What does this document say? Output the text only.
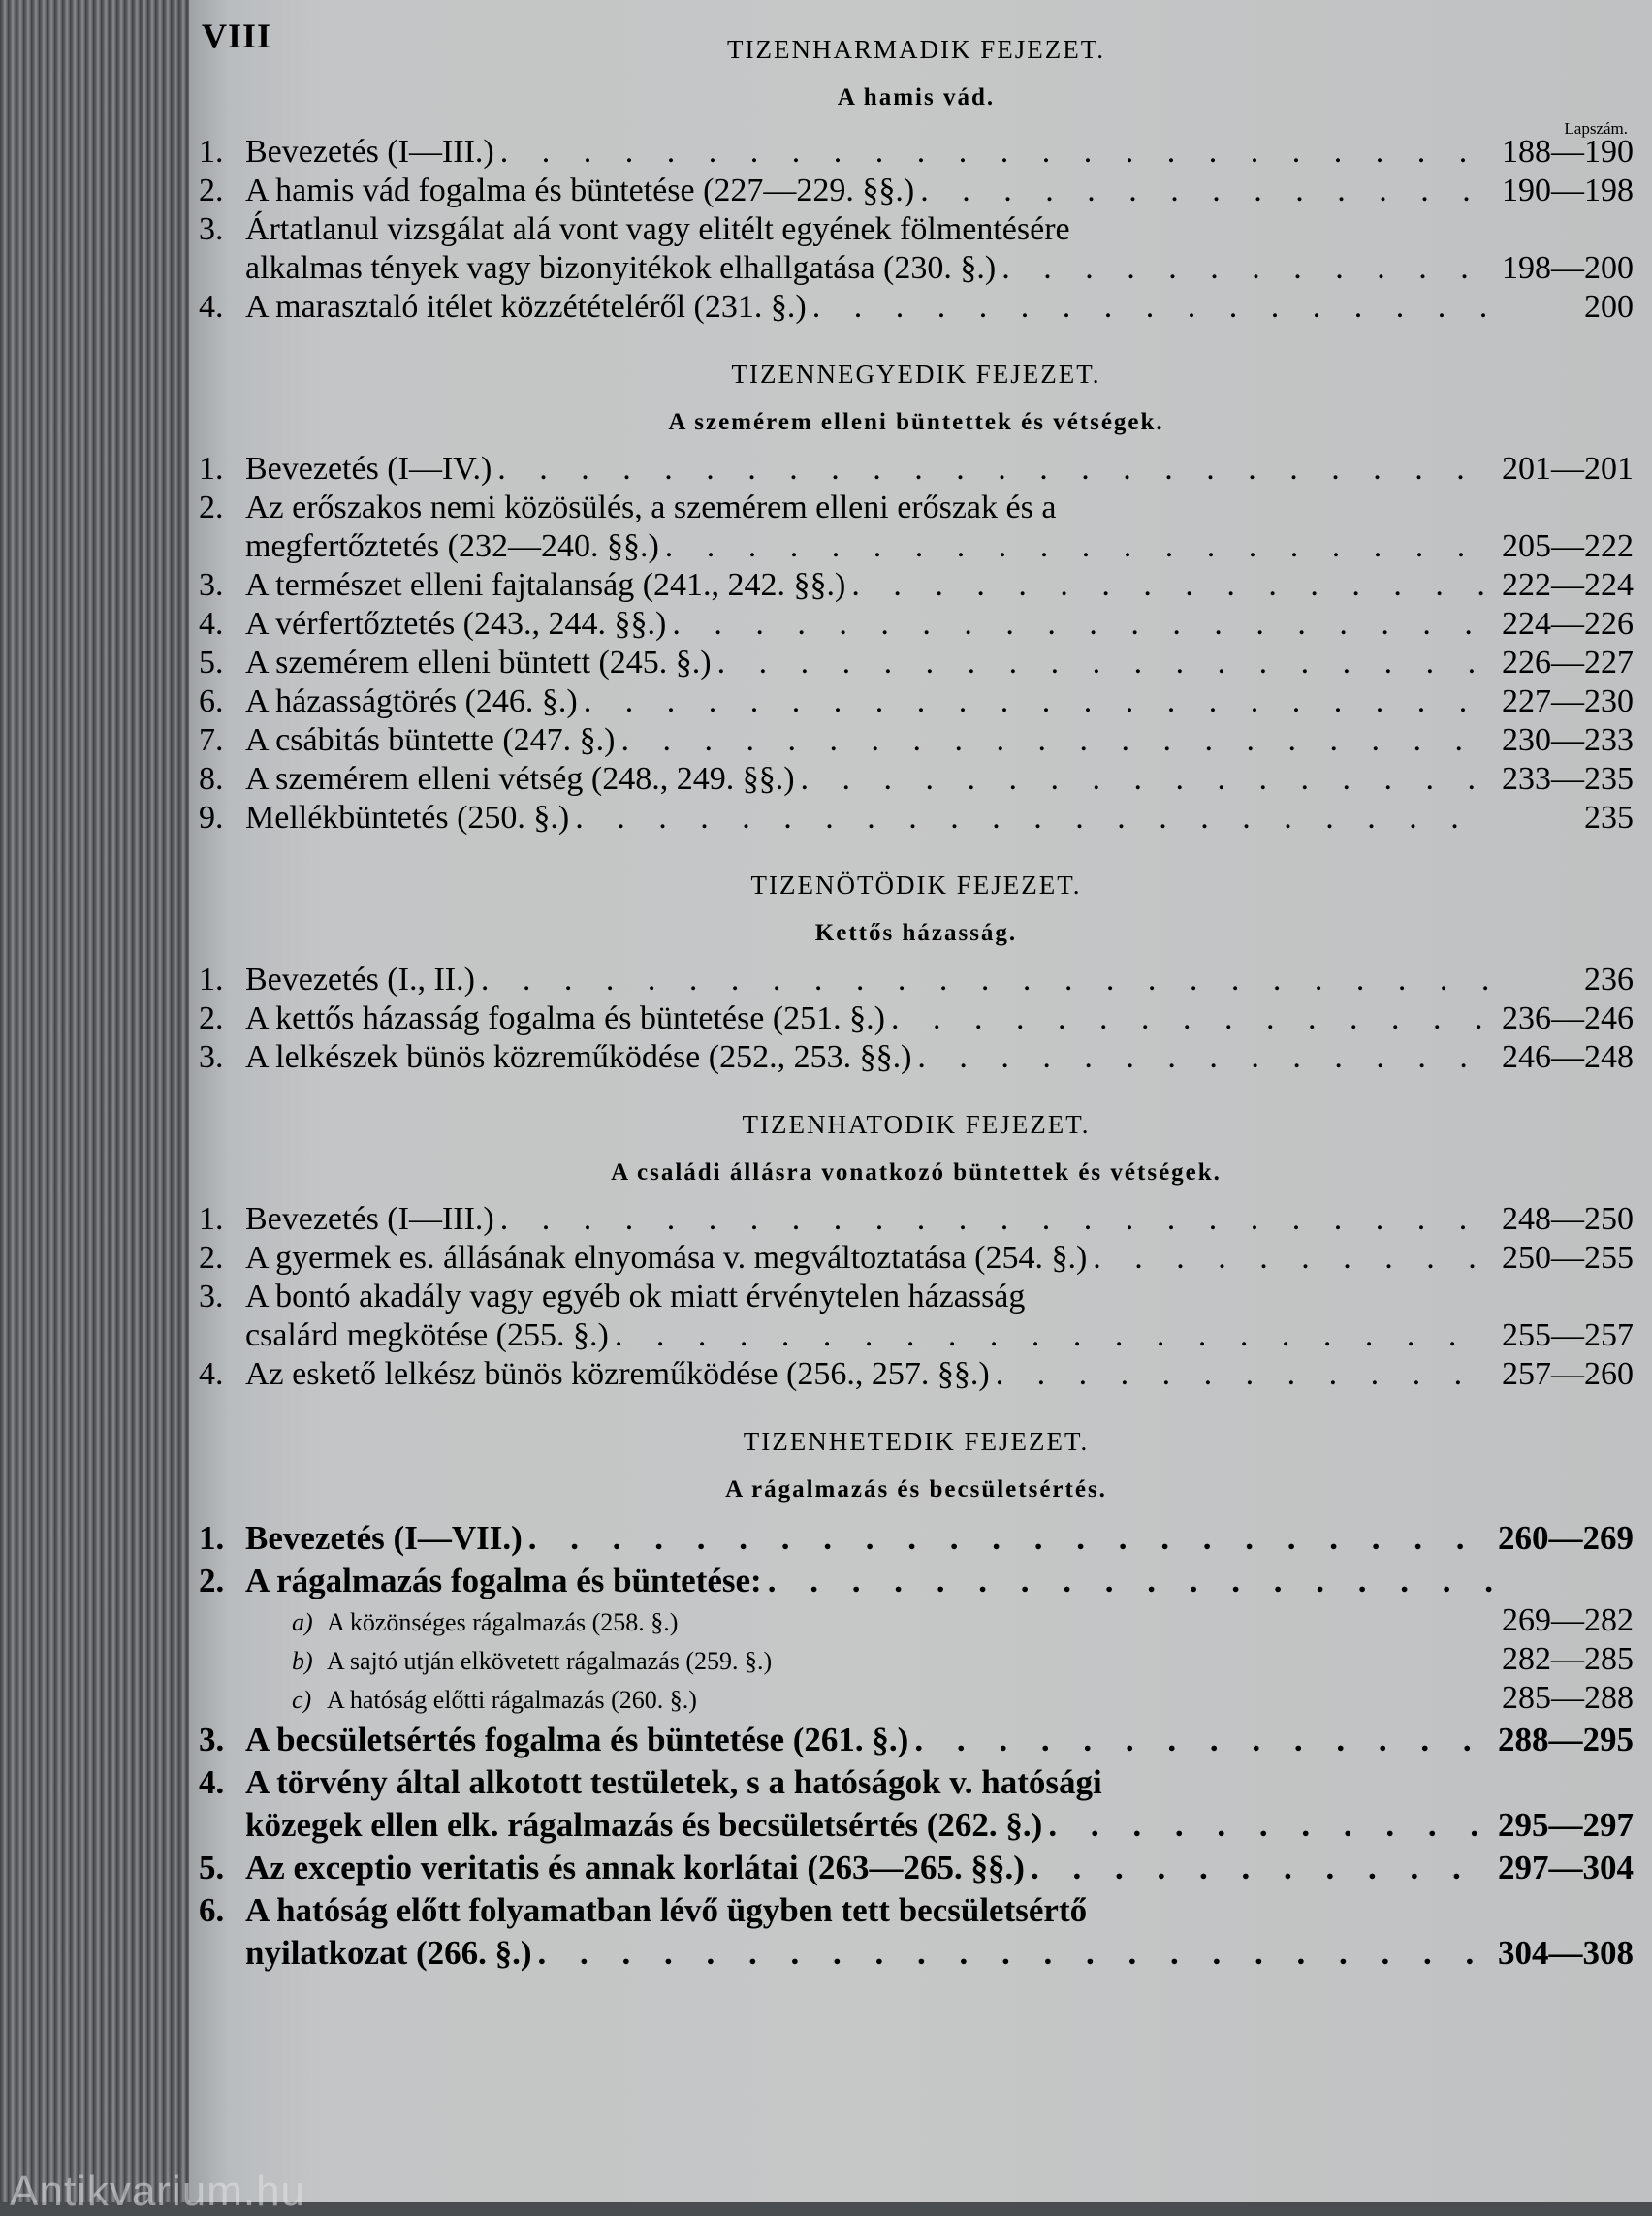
VIII	TIZENHARMADIK FEJEZET.
A hamis vád.
Lapszám.
1. Bevezetés (I—III.) . . .	188—190
2. A hamis vád fogalma és büntetése (227—229. §§.) . . .	190—198
3. Ártatlanul vizsgálat alá vont vagy elitélt egyének fölmentésére
alkalmas tények vagy bizonyitékok elhallgatása (230. §.) . . .	198—200
4. A marasztaló itélet közzétételéről (231. §.) . . .	200
TIZENNEGYEDIK FEJEZET.
A szemérem elleni büntettek és vétségek.
1. Bevezetés (I—IV.) . . .	201—201
2. Az erőszakos nemi közösülés, a szemérem elleni erőszak és a
megfertőztetés (232—240. §§.) . . .	205—222
3. A természet elleni fajtalanság (241., 242. §§.) . . .	222—224
4. A vérfertőztetés (243., 244. §§.) . . .	224—226
5. A szemérem elleni büntett (245. §.) . . .	226—227
6. A házasságtörés (246. §.) . . .	227—230
7. A csábitás büntette (247. §.) . . .	230—233
8. A szemérem elleni vétség (248., 249. §§.) . . .	233—235
9. Mellékbüntetés (250. §.) . . .	235
TIZENÖTÖDIK FEJEZET.
Kettős házasság.
1. Bevezetés (I., II.) . . .	236
2. A kettős házasság fogalma és büntetése (251. §.) . . .	236—246
3. A lelkészek bünös közreműködése (252., 253. §§.) . . .	246—248
TIZENHATODIK FEJEZET.
A családi állásra vonatkozó büntettek és vétségek.
1. Bevezetés (I—III.) . . .	248—250
2. A gyermek es. állásának elnyomása v. megváltoztatása (254. §.) . . .	250—255
3. A bontó akadály vagy egyéb ok miatt érvénytelen házasság
csalárd megkötése (255. §.) . . .	255—257
4. Az eskető lelkész bünös közreműködése (256., 257. §§.) . . .	257—260
TIZENHETEDIK FEJEZET.
A rágalmazás és becsületsértés.
1. Bevezetés (I—VII.) . . .	260—269
2. A rágalmazás fogalma és büntetése:
. . .
a) A közönséges rágalmazás (258. §.)	269—282
b) A sajtó utján elkövetett rágalmazás (259. §.)	282—285
c) A hatóság előtti rágalmazás (260. §.)	285—288
3. A becsületsértés fogalma és büntetése (261. §.) . . .	288—295
4. A törvény által alkotott testületek, s a hatóságok v. hatósági
közegek ellen elk. rágalmazás és becsületsértés (262. §.) . . .	295—297
5. Az exceptio veritatis és annak korlátai (263—265. §§.) . . .	297—304
6. A hatóság előtt folyamatban lévő ügyben tett becsületsértő
nyilatkozat (266. §.) . . .	304—308
Antikvarium.hu
